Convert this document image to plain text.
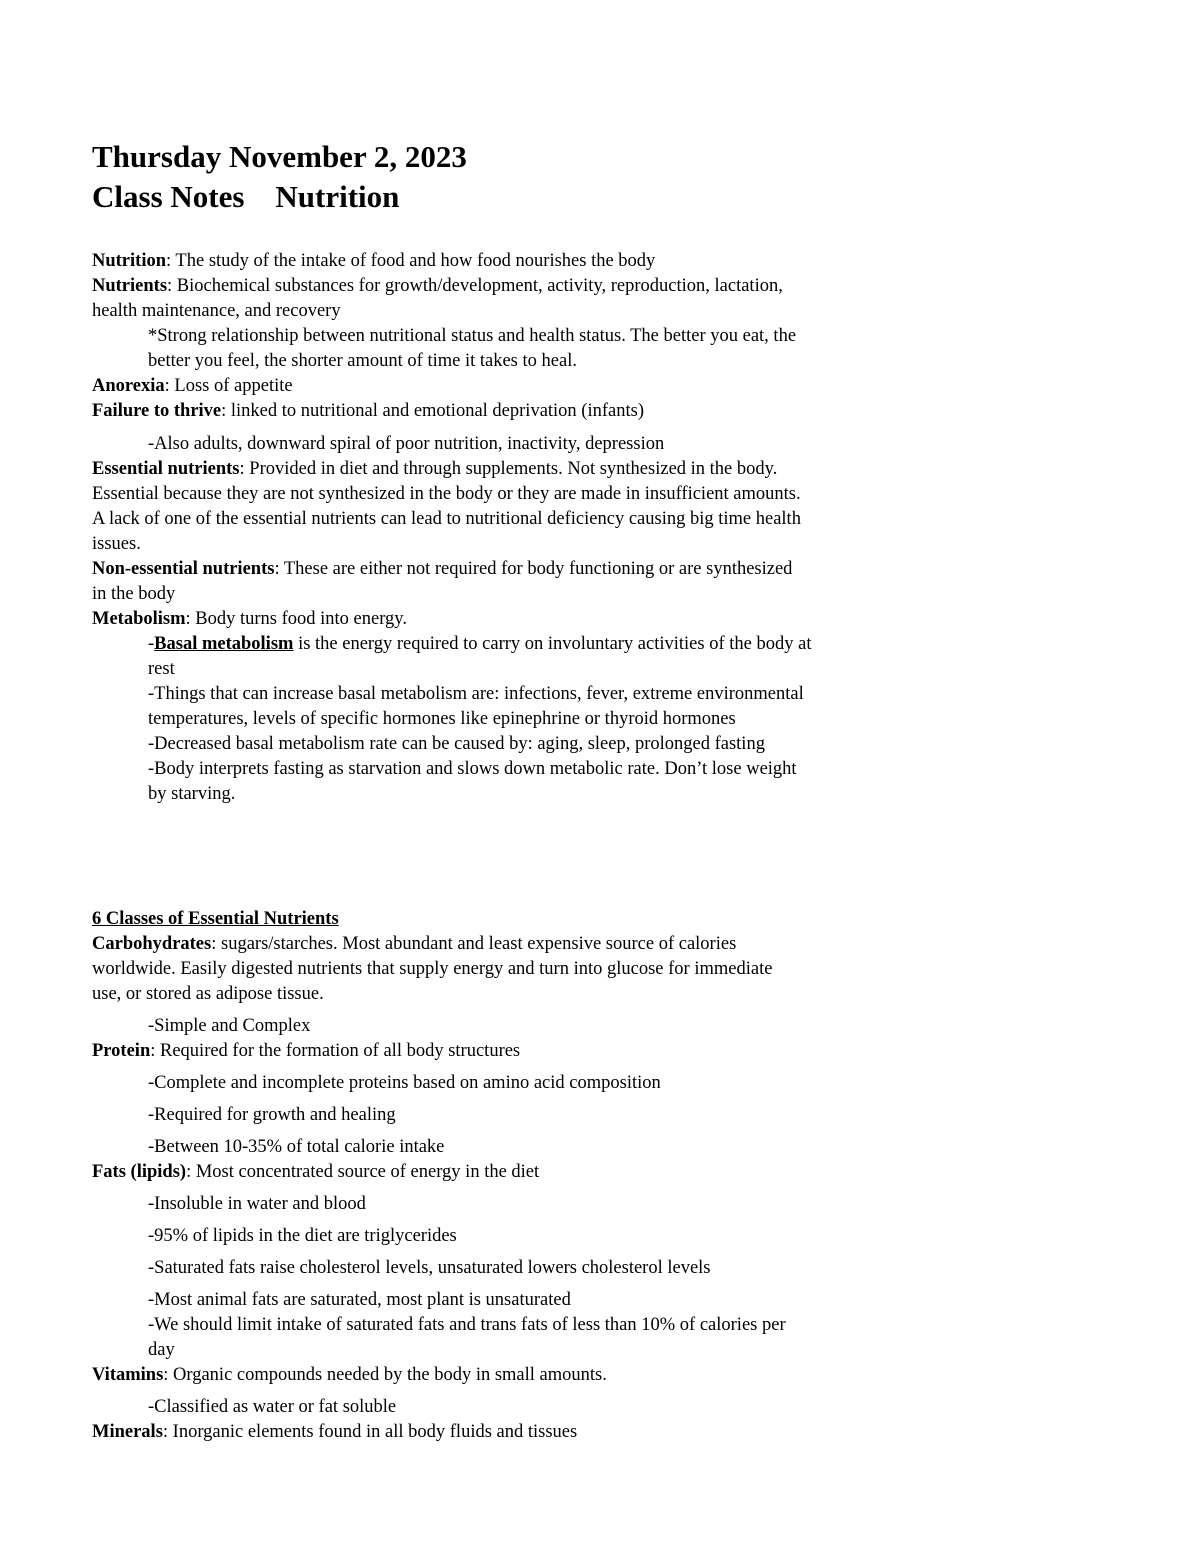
Thursday November 2, 2023
Class Notes    Nutrition
Nutrition: The study of the intake of food and how food nourishes the body
Nutrients: Biochemical substances for growth/development, activity, reproduction, lactation,
health maintenance, and recovery
*Strong relationship between nutritional status and health status. The better you eat, the
better you feel, the shorter amount of time it takes to heal.
Anorexia: Loss of appetite
Failure to thrive: linked to nutritional and emotional deprivation (infants)
-Also adults, downward spiral of poor nutrition, inactivity, depression
Essential nutrients: Provided in diet and through supplements. Not synthesized in the body.
Essential because they are not synthesized in the body or they are made in insufficient amounts.
A lack of one of the essential nutrients can lead to nutritional deficiency causing big time health
issues.
Non-essential nutrients: These are either not required for body functioning or are synthesized
in the body
Metabolism: Body turns food into energy.
-Basal metabolism is the energy required to carry on involuntary activities of the body at
rest
-Things that can increase basal metabolism are: infections, fever, extreme environmental
temperatures, levels of specific hormones like epinephrine or thyroid hormones
-Decreased basal metabolism rate can be caused by: aging, sleep, prolonged fasting
-Body interprets fasting as starvation and slows down metabolic rate. Don’t lose weight
by starving.
6 Classes of Essential Nutrients
Carbohydrates: sugars/starches. Most abundant and least expensive source of calories
worldwide. Easily digested nutrients that supply energy and turn into glucose for immediate
use, or stored as adipose tissue.
-Simple and Complex
Protein: Required for the formation of all body structures
-Complete and incomplete proteins based on amino acid composition
-Required for growth and healing
-Between 10-35% of total calorie intake
Fats (lipids): Most concentrated source of energy in the diet
-Insoluble in water and blood
-95% of lipids in the diet are triglycerides
-Saturated fats raise cholesterol levels, unsaturated lowers cholesterol levels
-Most animal fats are saturated, most plant is unsaturated
-We should limit intake of saturated fats and trans fats of less than 10% of calories per
day
Vitamins: Organic compounds needed by the body in small amounts.
-Classified as water or fat soluble
Minerals: Inorganic elements found in all body fluids and tissues
